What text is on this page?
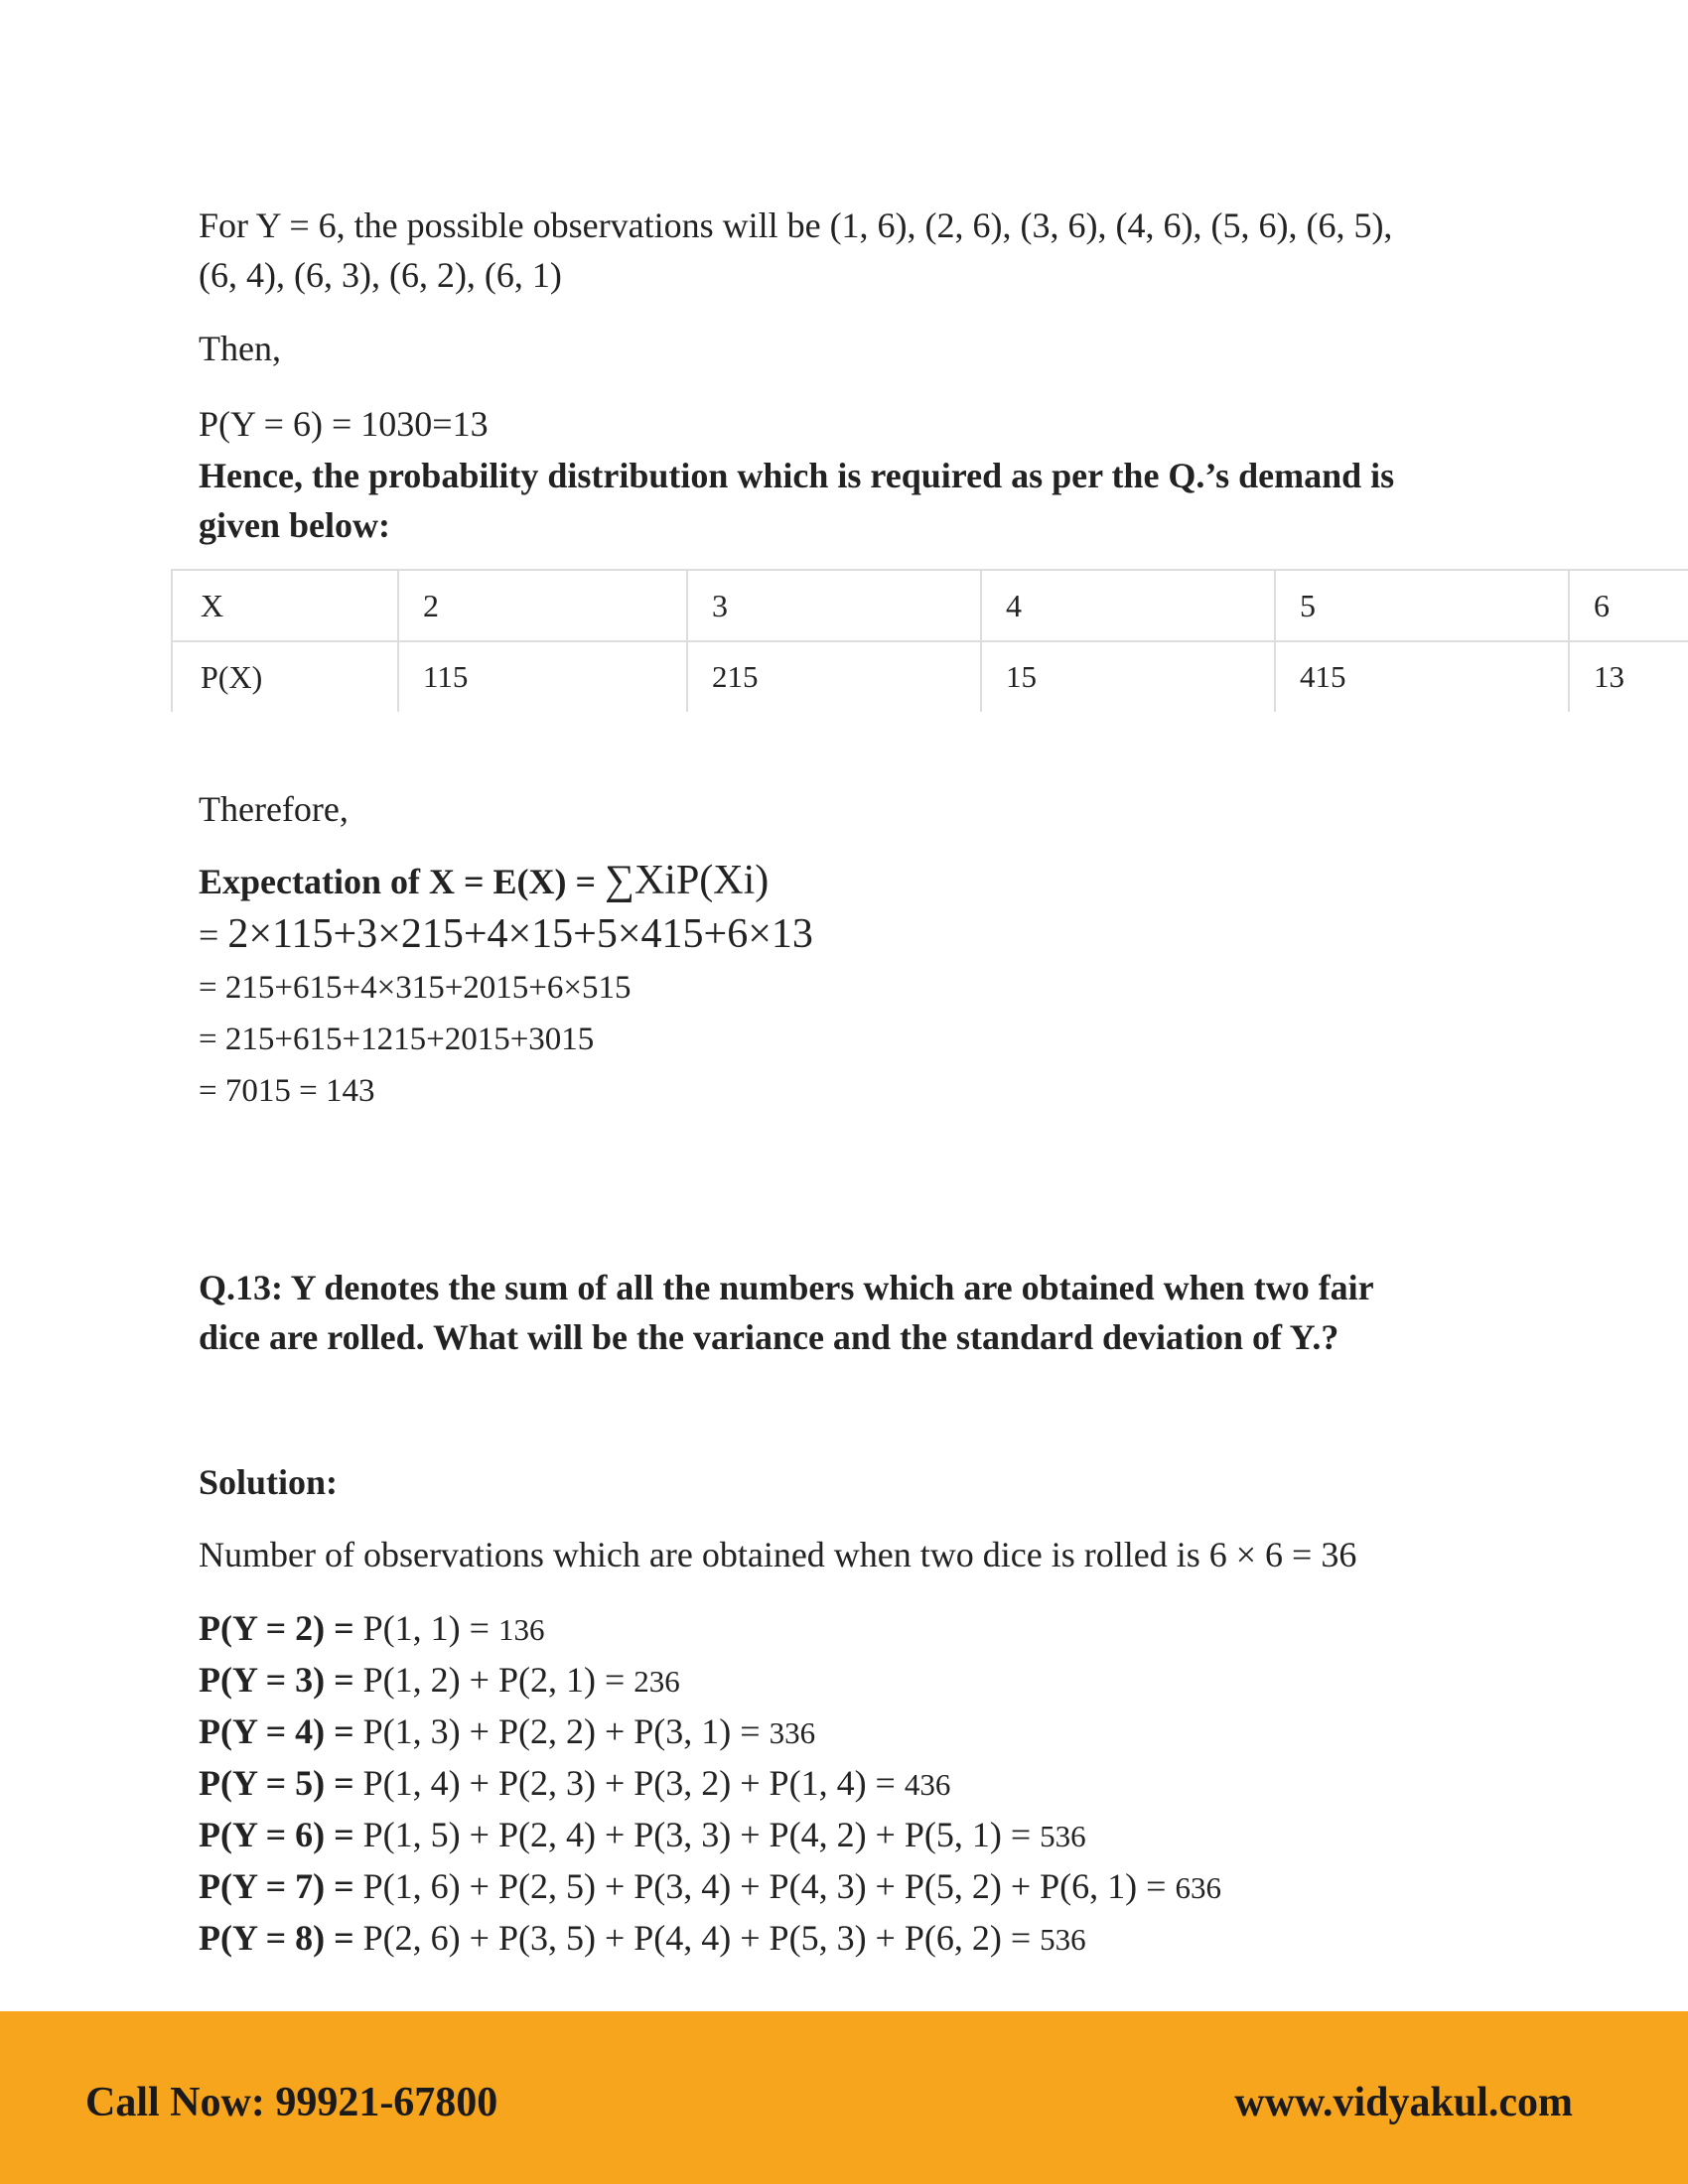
For Y = 6, the possible observations will be (1, 6), (2, 6), (3, 6), (4, 6), (5, 6), (6, 5),
(6, 4), (6, 3), (6, 2), (6, 1)
Then,
P(Y = 6) = 1030=13
Hence, the probability distribution which is required as per the Q.’s demand is
given below:
X	2	3	4	5	6
P(X)	115	215	15	415	13
Therefore,
Expectation of X = E(X) = ∑XiP(Xi)
= 2×115+3×215+4×15+5×415+6×13
= 215+615+4×315+2015+6×515
= 215+615+1215+2015+3015
= 7015 = 143
Q.13: Y denotes the sum of all the numbers which are obtained when two fair
dice are rolled. What will be the variance and the standard deviation of Y.?
Solution:
Number of observations which are obtained when two dice is rolled is 6 × 6 = 36
P(Y = 2) = P(1, 1) = 136
P(Y = 3) = P(1, 2) + P(2, 1) = 236
P(Y = 4) = P(1, 3) + P(2, 2) + P(3, 1) = 336
P(Y = 5) = P(1, 4) + P(2, 3) + P(3, 2) + P(1, 4) = 436
P(Y = 6) = P(1, 5) + P(2, 4) + P(3, 3) + P(4, 2) + P(5, 1) = 536
P(Y = 7) = P(1, 6) + P(2, 5) + P(3, 4) + P(4, 3) + P(5, 2) + P(6, 1) = 636
P(Y = 8) = P(2, 6) + P(3, 5) + P(4, 4) + P(5, 3) + P(6, 2) = 536
Call Now: 99921-67800	www.vidyakul.com
